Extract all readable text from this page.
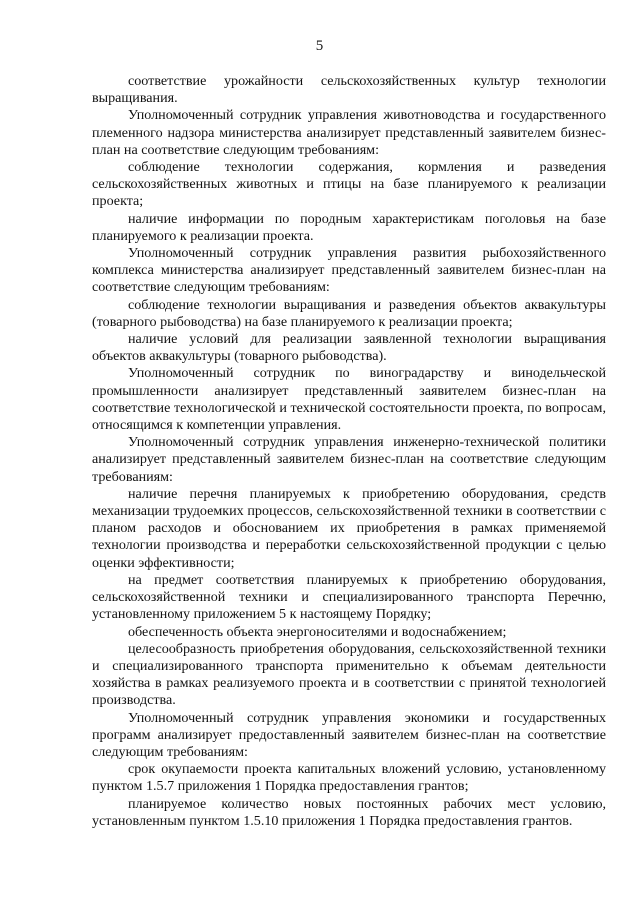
5

соответствие урожайности сельскохозяйственных культур технологии выращивания.

Уполномоченный сотрудник управления животноводства и государственного племенного надзора министерства анализирует представленный заявителем бизнес-план на соответствие следующим требованиям:

соблюдение технологии содержания, кормления и разведения сельскохозяйственных животных и птицы на базе планируемого к реализации проекта;

наличие информации по породным характеристикам поголовья на базе планируемого к реализации проекта.

Уполномоченный сотрудник управления развития рыбохозяйственного комплекса министерства анализирует представленный заявителем бизнес-план на соответствие следующим требованиям:

соблюдение технологии выращивания и разведения объектов аквакультуры (товарного рыбоводства) на базе планируемого к реализации проекта;

наличие условий для реализации заявленной технологии выращивания объектов аквакультуры (товарного рыбоводства).

Уполномоченный сотрудник по виноградарству и винодельческой промышленности анализирует представленный заявителем бизнес-план на соответствие технологической и технической состоятельности проекта, по вопросам, относящимся к компетенции управления.

Уполномоченный сотрудник управления инженерно-технической политики анализирует представленный заявителем бизнес-план на соответствие следующим требованиям:

наличие перечня планируемых к приобретению оборудования, средств механизации трудоемких процессов, сельскохозяйственной техники в соответствии с планом расходов и обоснованием их приобретения в рамках применяемой технологии производства и переработки сельскохозяйственной продукции с целью оценки эффективности;

на предмет соответствия планируемых к приобретению оборудования, сельскохозяйственной техники и специализированного транспорта Перечню, установленному приложением 5 к настоящему Порядку;

обеспеченность объекта энергоносителями и водоснабжением;

целесообразность приобретения оборудования, сельскохозяйственной техники и специализированного транспорта применительно к объемам деятельности хозяйства в рамках реализуемого проекта и в соответствии с принятой технологией производства.

Уполномоченный сотрудник управления экономики и государственных программ анализирует предоставленный заявителем бизнес-план на соответствие следующим требованиям:

срок окупаемости проекта капитальных вложений условию, установленному пунктом 1.5.7 приложения 1 Порядка предоставления грантов;

планируемое количество новых постоянных рабочих мест условию, установленным пунктом 1.5.10 приложения 1 Порядка предоставления грантов.
